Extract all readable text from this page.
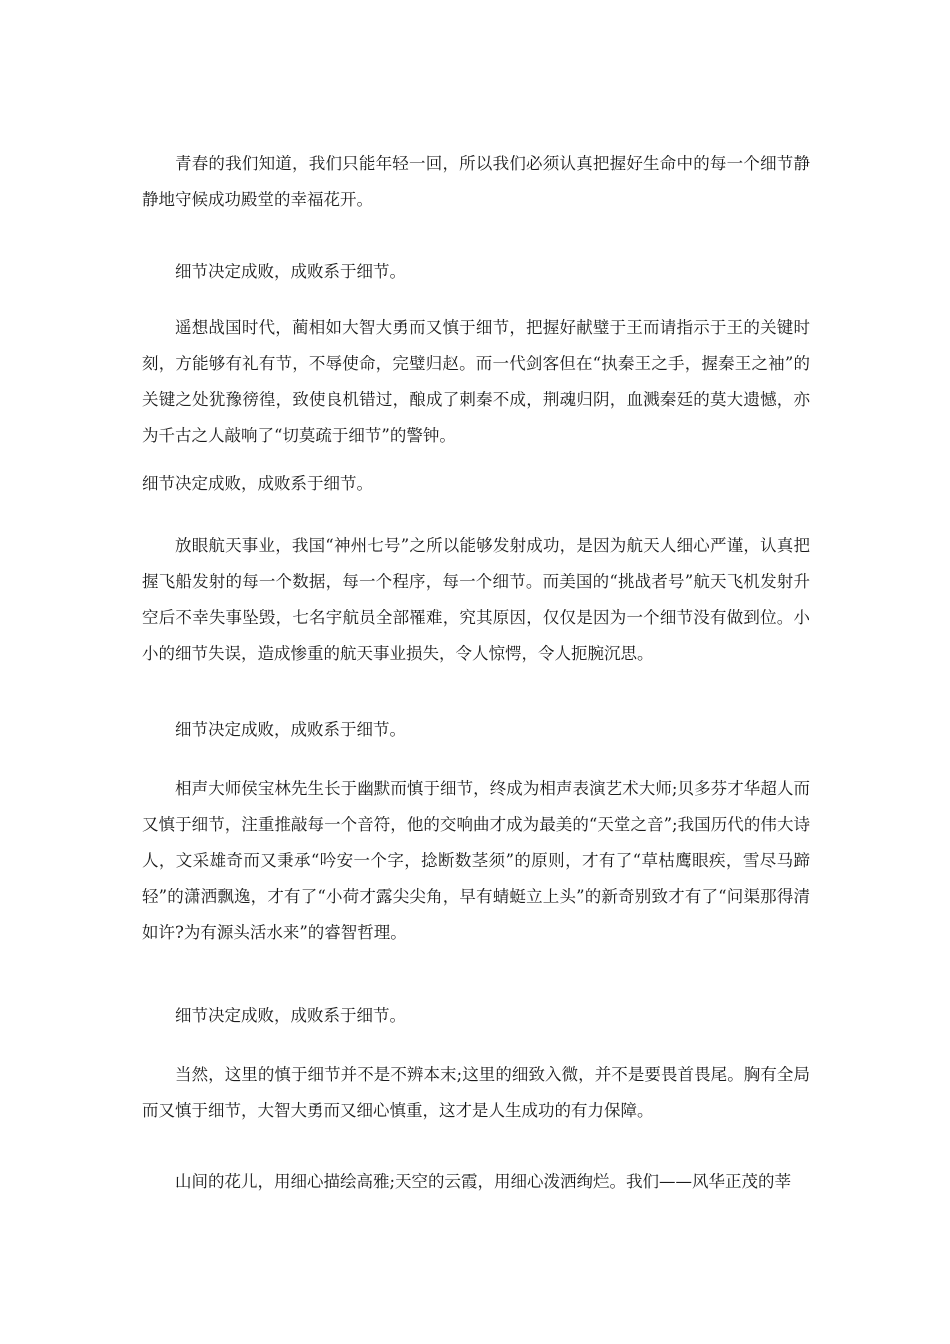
青春的我们知道，我们只能年轻一回，所以我们必须认真把握好生命中的每一个细节静静地守候成功殿堂的幸福花开。

细节决定成败，成败系于细节。

遥想战国时代，蔺相如大智大勇而又慎于细节，把握好献璧于王而请指示于王的关键时刻，方能够有礼有节，不辱使命，完璧归赵。而一代剑客但在“执秦王之手，握秦王之袖”的关键之处犹豫徬徨，致使良机错过，酿成了刺秦不成，荆魂归阴，血溅秦廷的莫大遗憾，亦为千古之人敲响了“切莫疏于细节”的警钟。

细节决定成败，成败系于细节。

放眼航天事业，我国“神州七号”之所以能够发射成功，是因为航天人细心严谨，认真把握飞船发射的每一个数据，每一个程序，每一个细节。而美国的“挑战者号”航天飞机发射升空后不幸失事坠毁，七名宇航员全部罹难，究其原因，仅仅是因为一个细节没有做到位。小小的细节失误，造成惨重的航天事业损失，令人惊愕，令人扼腕沉思。

细节决定成败，成败系于细节。

相声大师侯宝林先生长于幽默而慎于细节，终成为相声表演艺术大师;贝多芬才华超人而又慎于细节，注重推敲每一个音符，他的交响曲才成为最美的“天堂之音”;我国历代的伟大诗人，文采雄奇而又秉承“吟安一个字，捻断数茎须”的原则，才有了“草枯鹰眼疾，雪尽马蹄轻”的潇洒飘逸，才有了“小荷才露尖尖角，早有蜻蜓立上头”的新奇别致才有了“问渠那得清如许?为有源头活水来”的睿智哲理。

细节决定成败，成败系于细节。

当然，这里的慎于细节并不是不辨本末;这里的细致入微，并不是要畏首畏尾。胸有全局而又慎于细节，大智大勇而又细心慎重，这才是人生成功的有力保障。

山间的花儿，用细心描绘高雅;天空的云霞，用细心泼洒绚烂。我们——风华正茂的莘
